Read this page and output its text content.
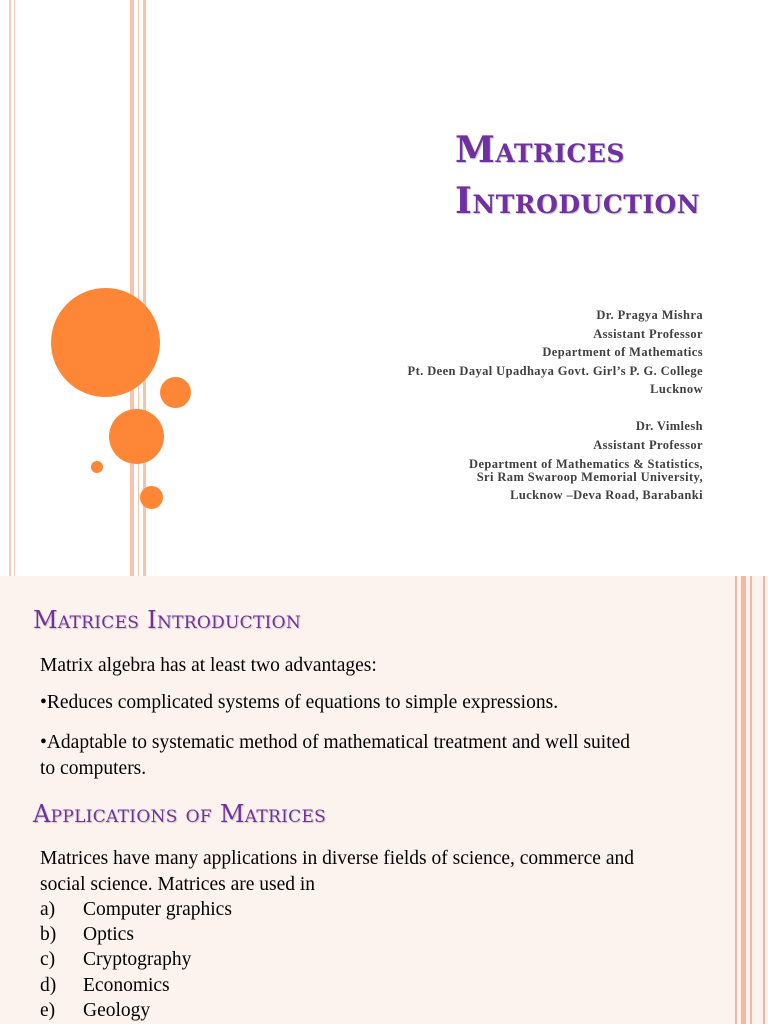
Matrices
Introduction
Dr. Pragya Mishra
Assistant Professor
Department of Mathematics
Pt. Deen Dayal Upadhaya Govt. Girl’s P. G. College
Lucknow
Dr. Vimlesh
Assistant Professor
Department of Mathematics & Statistics,
Sri Ram Swaroop Memorial University,
Lucknow –Deva Road, Barabanki
Matrices Introduction

Matrix algebra has at least two advantages:

•Reduces complicated systems of equations to simple expressions.

•Adaptable to systematic method of mathematical treatment and well suited to computers.

Applications of Matrices

Matrices have many applications in diverse fields of science, commerce and social science. Matrices are used in

a) Computer graphics
b) Optics
c) Cryptography
d) Economics
e) Geology
